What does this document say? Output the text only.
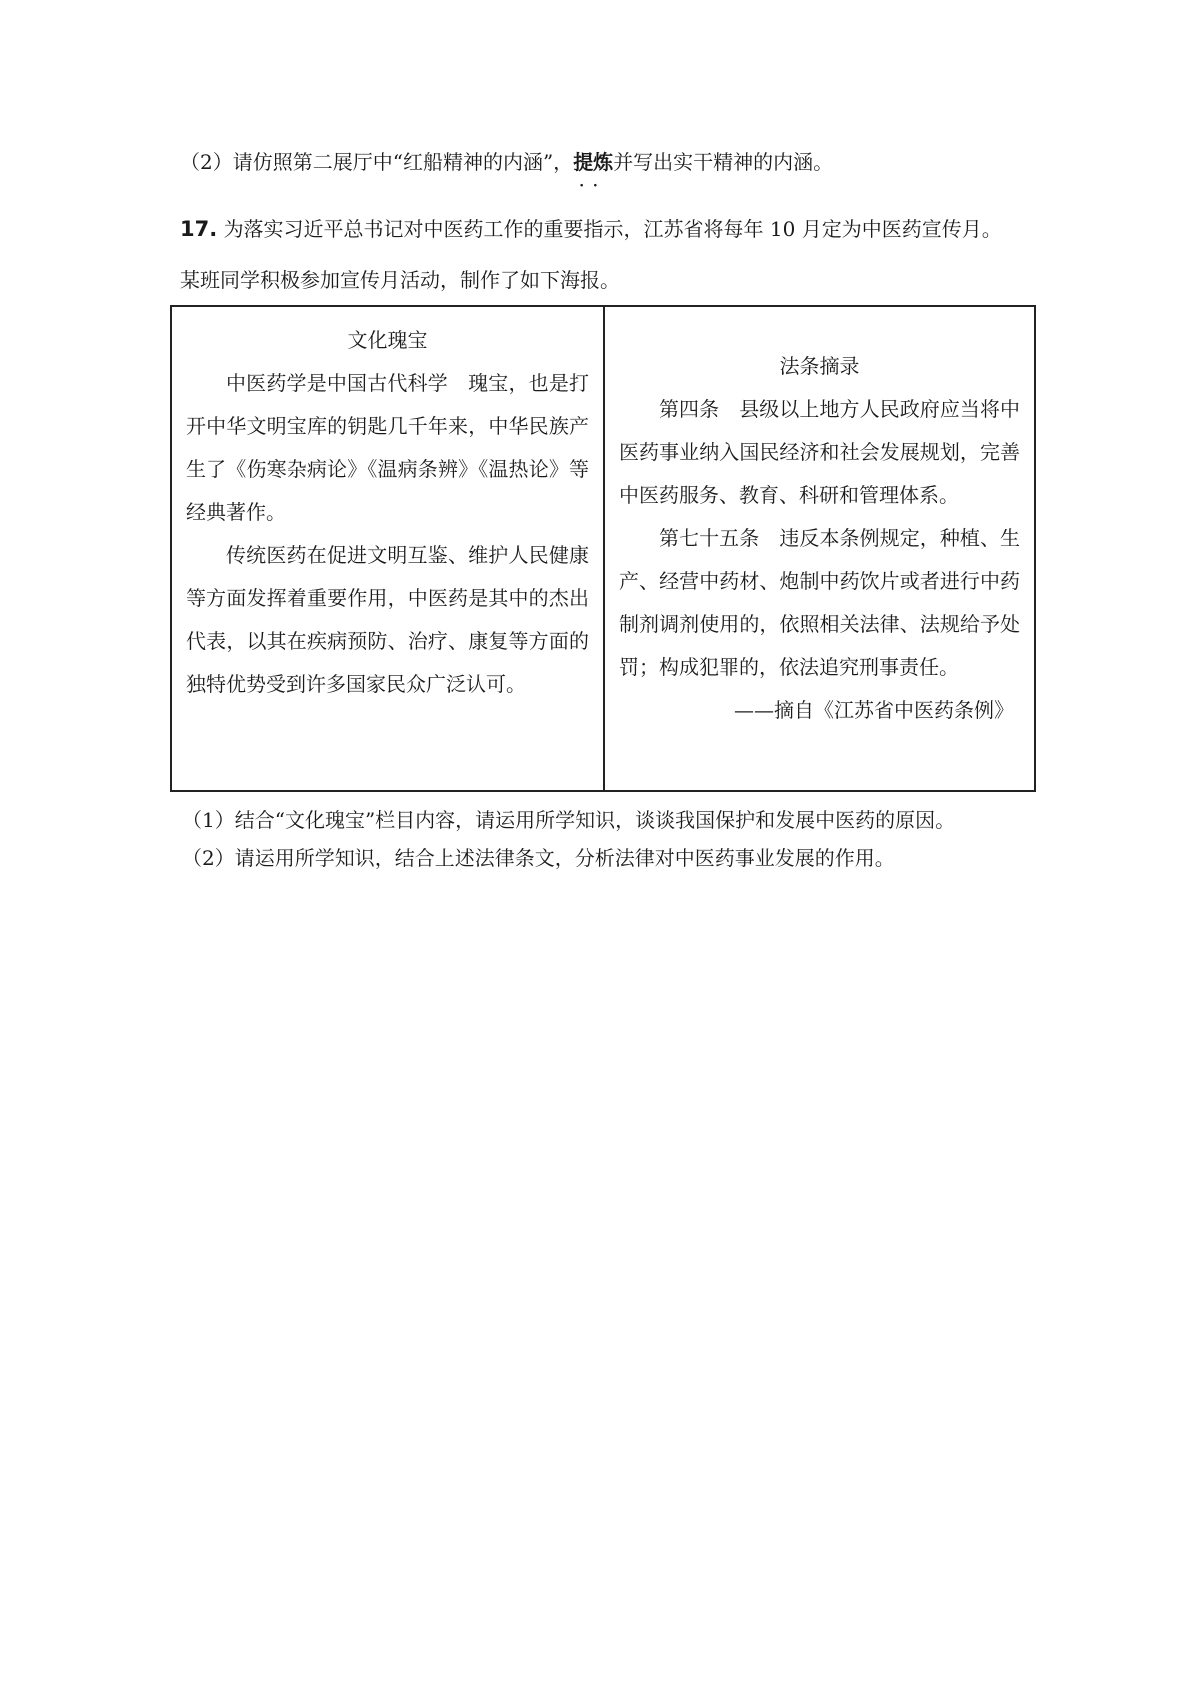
（2）请仿照第二展厅中“红船精神的内涵”，提炼 · ·并写出实干精神的内涵。
17. 为落实习近平总书记对中医药工作的重要指示，江苏省将每年 10 月定为中医药宣传月。
某班同学积极参加宣传月活动，制作了如下海报。
文化瑰宝
中医药学是中国古代科学　瑰宝，也是打开中华文明宝库的钥匙几千年来，中华民族产生了《伤寒杂病论》《温病条辨》《温热论》等经典著作。
传统医药在促进文明互鉴、维护人民健康等方面发挥着重要作用，中医药是其中的杰出代表，以其在疾病预防、治疗、康复等方面的独特优势受到许多国家民众广泛认可。
法条摘录
第四条　县级以上地方人民政府应当将中医药事业纳入国民经济和社会发展规划，完善中医药服务、教育、科研和管理体系。
第七十五条　违反本条例规定，种植、生产、经营中药材、炮制中药饮片或者进行中药制剂调剂使用的，依照相关法律、法规给予处罚；构成犯罪的，依法追究刑事责任。
——摘自《江苏省中医药条例》
（1）结合“文化瑰宝”栏目内容，请运用所学知识，谈谈我国保护和发展中医药的原因。
（2）请运用所学知识，结合上述法律条文，分析法律对中医药事业发展的作用。
